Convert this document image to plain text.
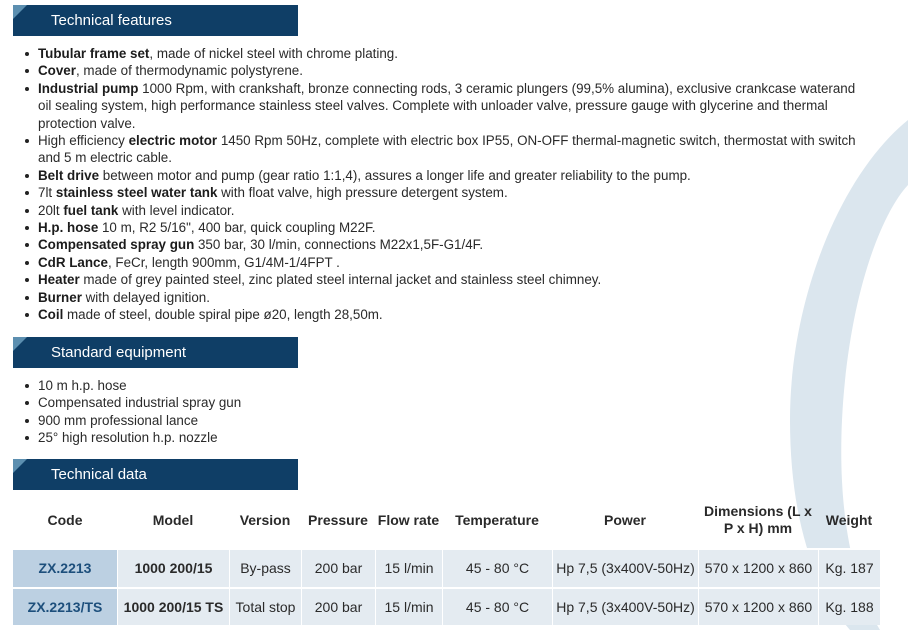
Technical features
Tubular frame set, made of nickel steel with chrome plating.
Cover, made of thermodynamic polystyrene.
Industrial pump 1000 Rpm, with crankshaft, bronze connecting rods, 3 ceramic plungers (99,5% alumina), exclusive crankcase waterand oil sealing system, high performance stainless steel valves. Complete with unloader valve, pressure gauge with glycerine and thermal protection valve.
High efficiency electric motor 1450 Rpm 50Hz, complete with electric box IP55, ON-OFF thermal-magnetic switch, thermostat with switch and 5 m electric cable.
Belt drive between motor and pump (gear ratio 1:1,4), assures a longer life and greater reliability to the pump.
7lt stainless steel water tank with float valve, high pressure detergent system.
20lt fuel tank with level indicator.
H.p. hose 10 m, R2 5/16", 400 bar, quick coupling M22F.
Compensated spray gun 350 bar, 30 l/min, connections M22x1,5F-G1/4F.
CdR Lance, FeCr, length 900mm, G1/4M-1/4FPT .
Heater made of grey painted steel, zinc plated steel internal jacket and stainless steel chimney.
Burner with delayed ignition.
Coil made of steel, double spiral pipe ø20, length 28,50m.
Standard equipment
10 m h.p. hose
Compensated industrial spray gun
900 mm professional lance
25° high resolution h.p. nozzle
Technical data
Code	Model	Version	Pressure	Flow rate	Temperature	Power	Dimensions (L x P x H) mm	Weight
ZX.2213	1000 200/15	By-pass	200 bar	15 l/min	45 - 80 °C	Hp 7,5 (3x400V-50Hz)	570 x 1200 x 860	Kg. 187
ZX.2213/TS	1000 200/15 TS	Total stop	200 bar	15 l/min	45 - 80 °C	Hp 7,5 (3x400V-50Hz)	570 x 1200 x 860	Kg. 188
